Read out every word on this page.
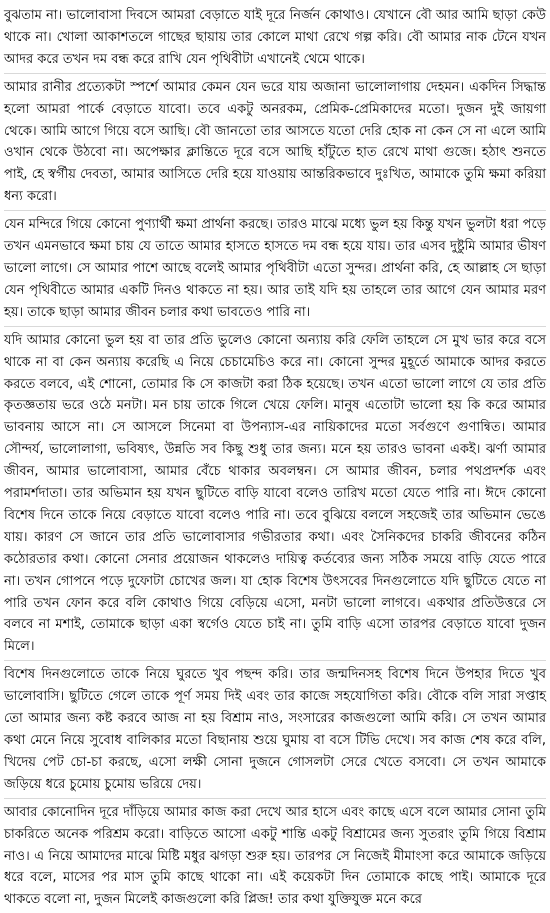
বুঝতাম না। ভালোবাসা দিবসে আমরা বেড়াতে যাই দূরে নির্জন কোথাও। যেখানে বৌ আর আমি ছাড়া কেউ থাকে না। খোলা আকাশতলে গাছের ছায়ায় তার কোলে মাথা রেখে গল্প করি। বৌ আমার নাক টেনে যখন আদর করে তখন দম বন্ধ করে রাখি যেন পৃথিবীটা এখানেই থেমে থাকে।

আমার রানীর প্রত্যেকটা স্পর্শে আমার কেমন যেন ভরে যায় অজানা ভালোলাগায় দেহমন। একদিন সিদ্ধান্ত হলো আমরা পার্কে বেড়াতে যাবো। তবে একটু অনরকম, প্রেমিক-প্রেমিকাদের মতো। দুজন দুই জায়গা থেকে। আমি আগে গিয়ে বসে আছি। বৌ জানতো তার আসতে যতো দেরি হোক না কেন সে না এলে আমি ওখান থেকে উঠবো না। অপেক্ষার ক্লান্তিতে দূরে বসে আছি হাঁটুতে হাত রেখে মাথা গুজে। হঠাৎ শুনতে পাই, হে স্বর্গীয় দেবতা, আমার আসিতে দেরি হয়ে যাওয়ায় আন্তরিকভাবে দুঃখিত, আমাকে তুমি ক্ষমা করিয়া ধন্য করো।

যেন মন্দিরে গিয়ে কোনো পুণ্যার্থী ক্ষমা প্রার্থনা করছে। তারও মাঝে মধ্যে ভুল হয় কিন্তু যখন ভুলটা ধরা পড়ে তখন এমনভাবে ক্ষমা চায় যে তাতে আমার হাসতে হাসতে দম বন্ধ হয়ে যায়। তার এসব দুষ্টুমি আমার ভীষণ ভালো লাগে। সে আমার পাশে আছে বলেই আমার পৃথিবীটা এতো সুন্দর। প্রার্থনা করি, হে আল্লাহ সে ছাড়া যেন পৃথিবীতে আমার একটি দিনও থাকতে না হয়। আর তাই যদি হয় তাহলে তার আগে যেন আমার মরণ হয়। তাকে ছাড়া আমার জীবন চলার কথা ভাবতেও পারি না।

যদি আমার কোনো ভুল হয় বা তার প্রতি ভুলেও কোনো অন্যায় করি ফেলি তাহলে সে মুখ ভার করে বসে থাকে না বা কেন অন্যায় করেছি এ নিয়ে চেচামেচিও করে না। কোনো সুন্দর মুহূর্তে আমাকে আদর করতে করতে বলবে, এই শোনো, তোমার কি সে কাজটা করা ঠিক হয়েছে। তখন এতো ভালো লাগে যে তার প্রতি কৃতজ্ঞতায় ভরে ওঠে মনটা। মন চায় তাকে গিলে খেয়ে ফেলি। মানুষ এতোটা ভালো হয় কি করে আমার ভাবনায় আসে না। সে আসলে সিনেমা বা উপন্যাস-এর নায়িকাদের মতো সর্বগুণে গুণান্বিত। আমার সৌন্দর্য, ভালোলাগা, ভবিষ্যৎ, উন্নতি সব কিছু শুধু তার জন্য। মনে হয় তারও ভাবনা একই। ঝর্ণা আমার জীবন, আমার ভালোবাসা, আমার বেঁচে থাকার অবলম্বন। সে আমার জীবন, চলার পথপ্রদর্শক এবং পরামর্শদাতা। তার অভিমান হয় যখন ছুটিতে বাড়ি যাবো বলেও তারিখ মতো যেতে পারি না। ঈদে কোনো বিশেষ দিনে তাকে নিয়ে বেড়াতে যাবো বলেও পারি না। তবে বুঝিয়ে বললে সহজেই তার অভিমান ভেঙে যায়। কারণ সে জানে তার প্রতি ভালোবাসার গভীরতার কথা। এবং সৈনিকদের চাকরি জীবনের কঠিন কঠোরতার কথা। কোনো সেনার প্রয়োজন থাকলেও দায়িত্ব কর্তব্যের জন্য সঠিক সময়ে বাড়ি যেতে পারে না। তখন গোপনে পড়ে দুফোটা চোখের জল। যা হোক বিশেষ উৎসবের দিনগুলোতে যদি ছুটিতে যেতে না পারি তখন ফোন করে বলি কোথাও গিয়ে বেড়িয়ে এসো, মনটা ভালো লাগবে। একথার প্রতিউত্তরে সে বলবে না মশাই, তোমাকে ছাড়া একা স্বর্গেও যেতে চাই না। তুমি বাড়ি এসো তারপর বেড়াতে যাবো দুজন মিলে।

বিশেষ দিনগুলোতে তাকে নিয়ে ঘুরতে খুব পছন্দ করি। তার জন্মদিনসহ বিশেষ দিনে উপহার দিতে খুব ভালোবাসি। ছুটিতে গেলে তাকে পূর্ণ সময় দিই এবং তার কাজে সহযোগিতা করি। বৌকে বলি সারা সপ্তাহ তো আমার জন্য কষ্ট করবে আজ না হয় বিশ্রাম নাও, সংসারের কাজগুলো আমি করি। সে তখন আমার কথা মেনে নিয়ে সুবোধ বালিকার মতো বিছানায় শুয়ে ঘুমায় বা বসে টিভি দেখে। সব কাজ শেষ করে বলি, খিদেয় পেট চো-চা করছে, এসো লক্ষী সোনা দুজনে গোসলটা সেরে খেতে বসবো। সে তখন আমাকে জড়িয়ে ধরে চুমোয় চুমোয় ভরিয়ে দেয়।

আবার কোনোদিন দূরে দাঁড়িয়ে আমার কাজ করা দেখে আর হাসে এবং কাছে এসে বলে আমার সোনা তুমি চাকরিতে অনেক পরিশ্রম করো। বাড়িতে আসো একটু শান্তি একটু বিশ্রামের জন্য সুতরাং তুমি গিয়ে বিশ্রাম নাও। এ নিয়ে আমাদের মাঝে মিষ্টি মধুর ঝগড়া শুরু হয়। তারপর সে নিজেই মীমাংসা করে আমাকে জড়িয়ে ধরে বলে, মাসের পর মাস তুমি কাছে থাকো না। এই কয়েকটা দিন তোমাকে কাছে পাই। আমাকে দূরে থাকতে বলো না, দুজন মিলেই কাজগুলো করি প্লিজ! তার কথা যুক্তিযুক্ত মনে করে
